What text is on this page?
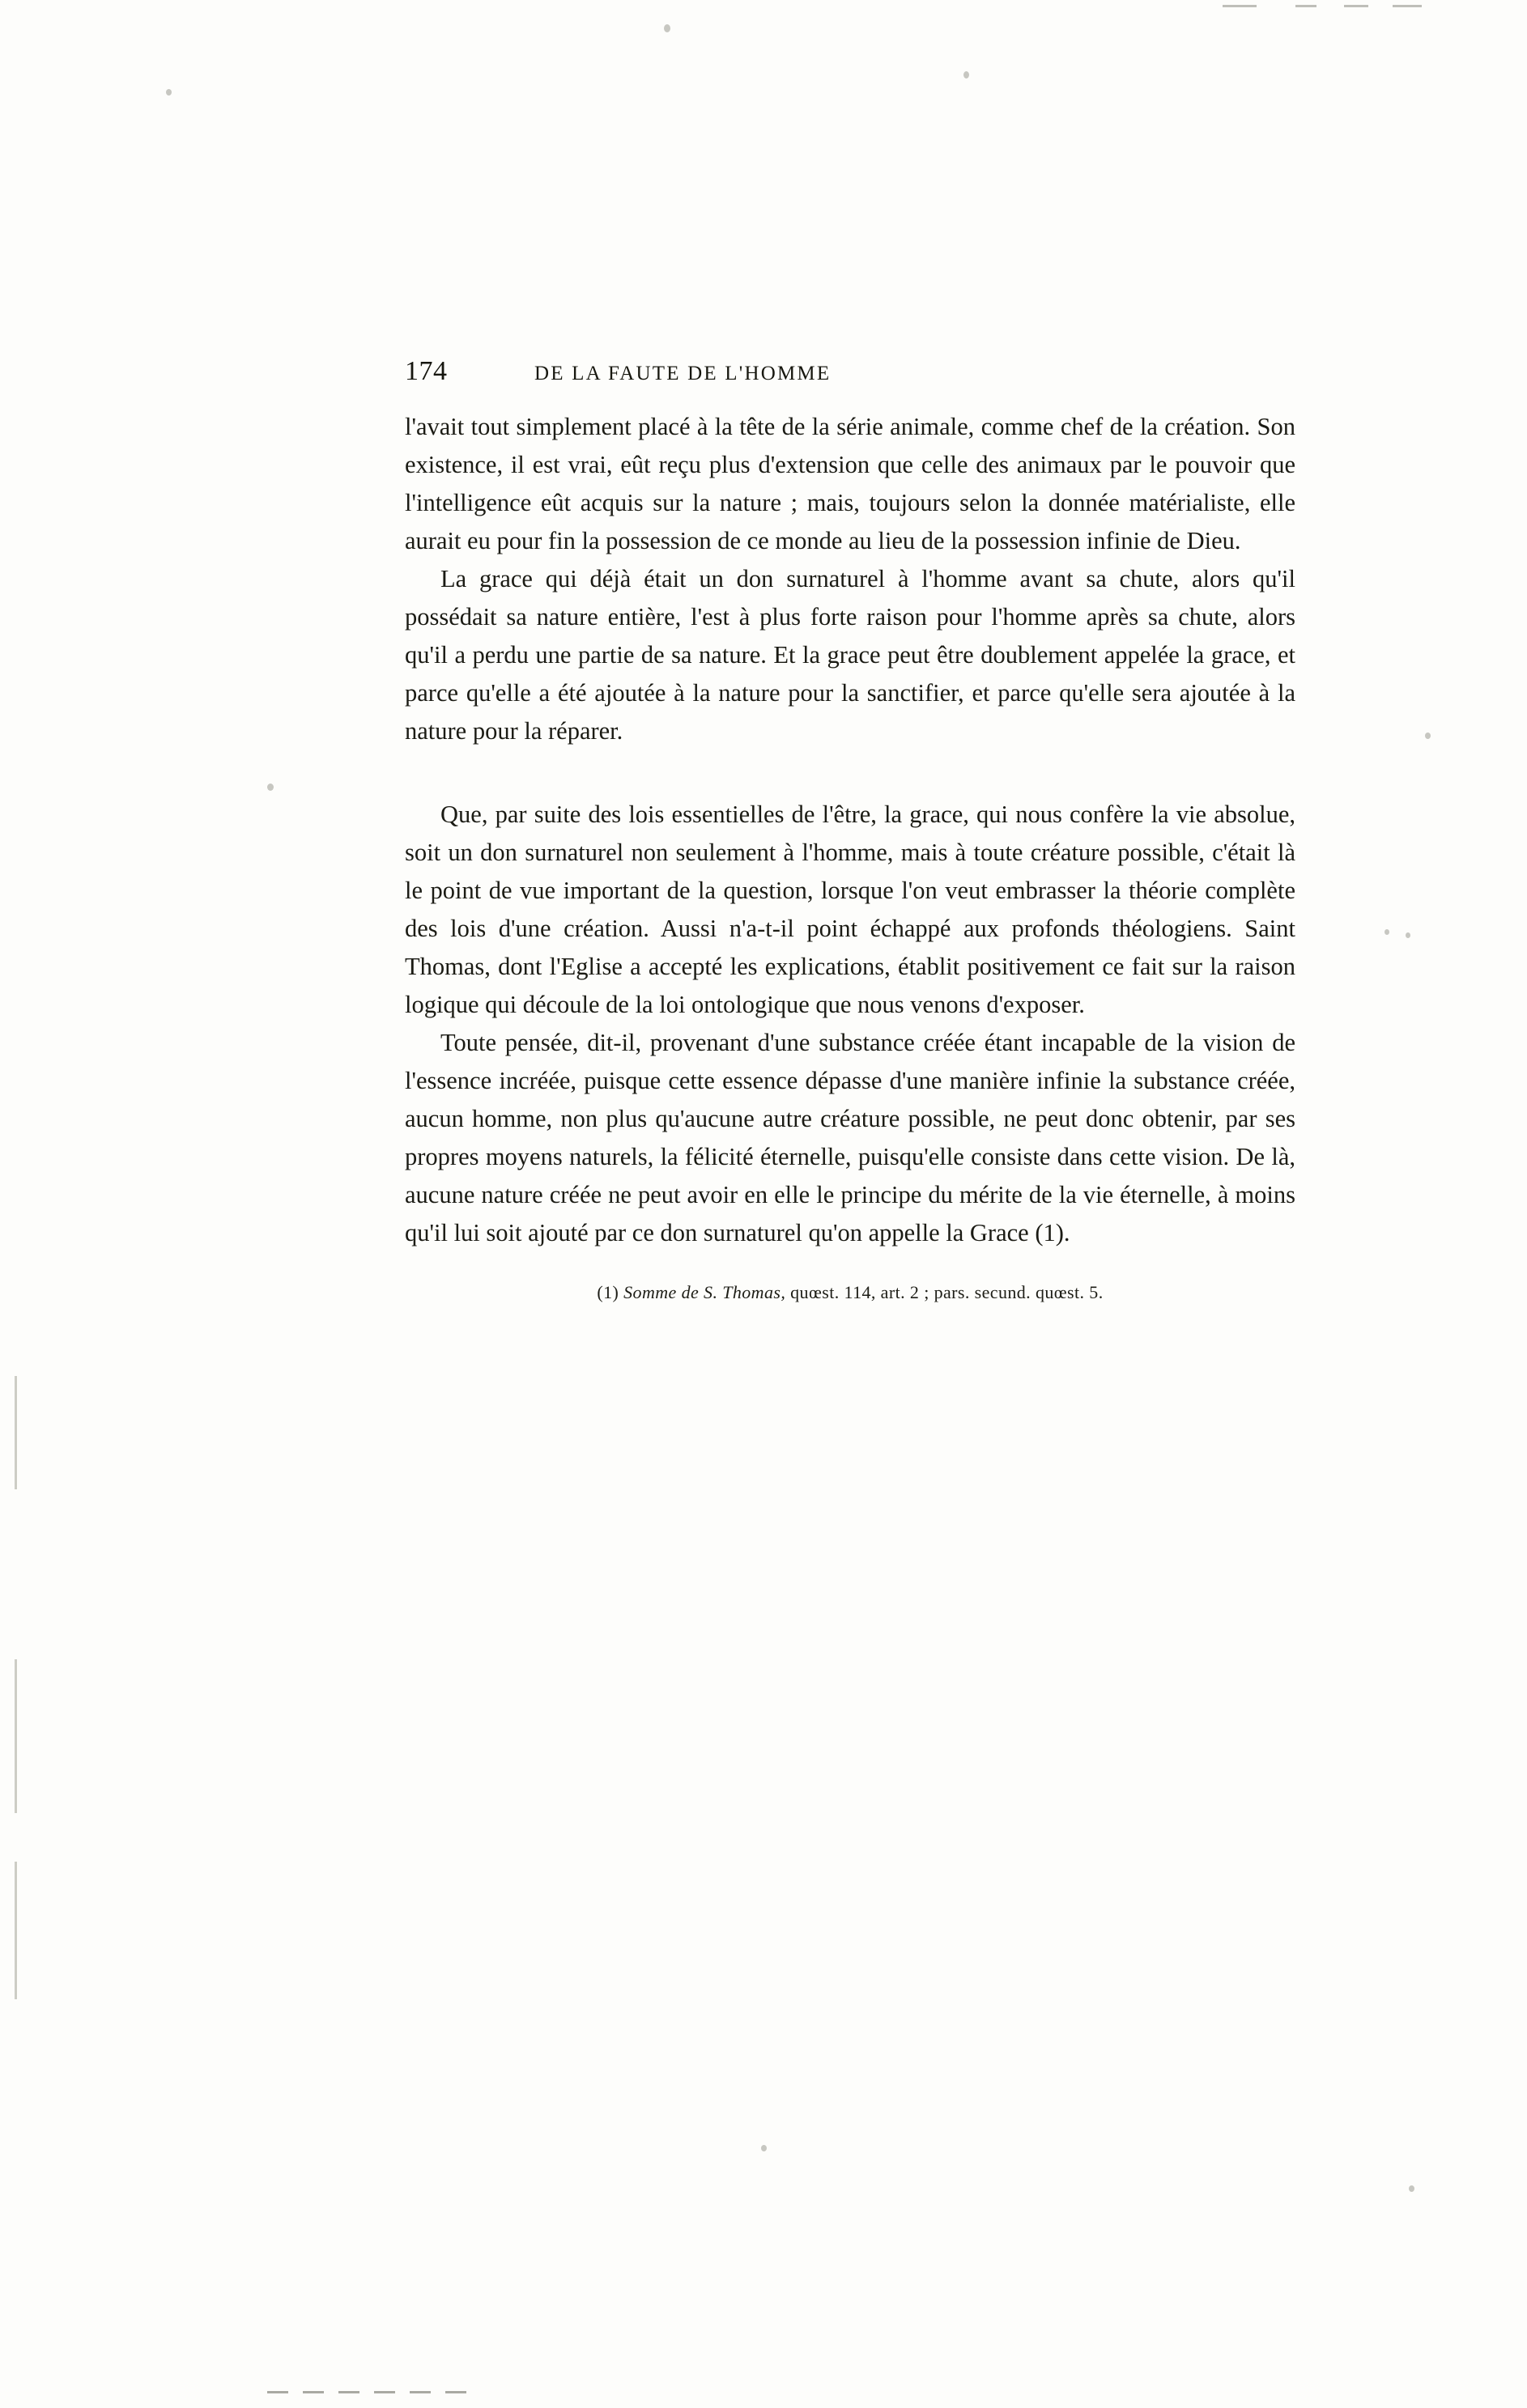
174	DE LA FAUTE DE L'HOMME

l'avait tout simplement placé à la tête de la série animale, comme chef de la création. Son existence, il est vrai, eût reçu plus d'extension que celle des animaux par le pouvoir que l'intelligence eût acquis sur la nature ; mais, toujours selon la donnée matérialiste, elle aurait eu pour fin la possession de ce monde au lieu de la possession infinie de Dieu.

La grace qui déjà était un don surnaturel à l'homme avant sa chute, alors qu'il possédait sa nature entière, l'est à plus forte raison pour l'homme après sa chute, alors qu'il a perdu une partie de sa nature. Et la grace peut être doublement appelée la grace, et parce qu'elle a été ajoutée à la nature pour la sanctifier, et parce qu'elle sera ajoutée à la nature pour la réparer.

Que, par suite des lois essentielles de l'être, la grace, qui nous confère la vie absolue, soit un don surnaturel non seulement à l'homme, mais à toute créature possible, c'était là le point de vue important de la question, lorsque l'on veut embrasser la théorie complète des lois d'une création. Aussi n'a-t-il point échappé aux profonds théologiens. Saint Thomas, dont l'Eglise a accepté les explications, établit positivement ce fait sur la raison logique qui découle de la loi ontologique que nous venons d'exposer.

Toute pensée, dit-il, provenant d'une substance créée étant incapable de la vision de l'essence incréée, puisque cette essence dépasse d'une manière infinie la substance créée, aucun homme, non plus qu'aucune autre créature possible, ne peut donc obtenir, par ses propres moyens naturels, la félicité éternelle, puisqu'elle consiste dans cette vision. De là, aucune nature créée ne peut avoir en elle le principe du mérite de la vie éternelle, à moins qu'il lui soit ajouté par ce don surnaturel qu'on appelle la Grace (1).

(1) Somme de S. Thomas, quœst. 114, art. 2 ; pars. secund. quœst. 5.
